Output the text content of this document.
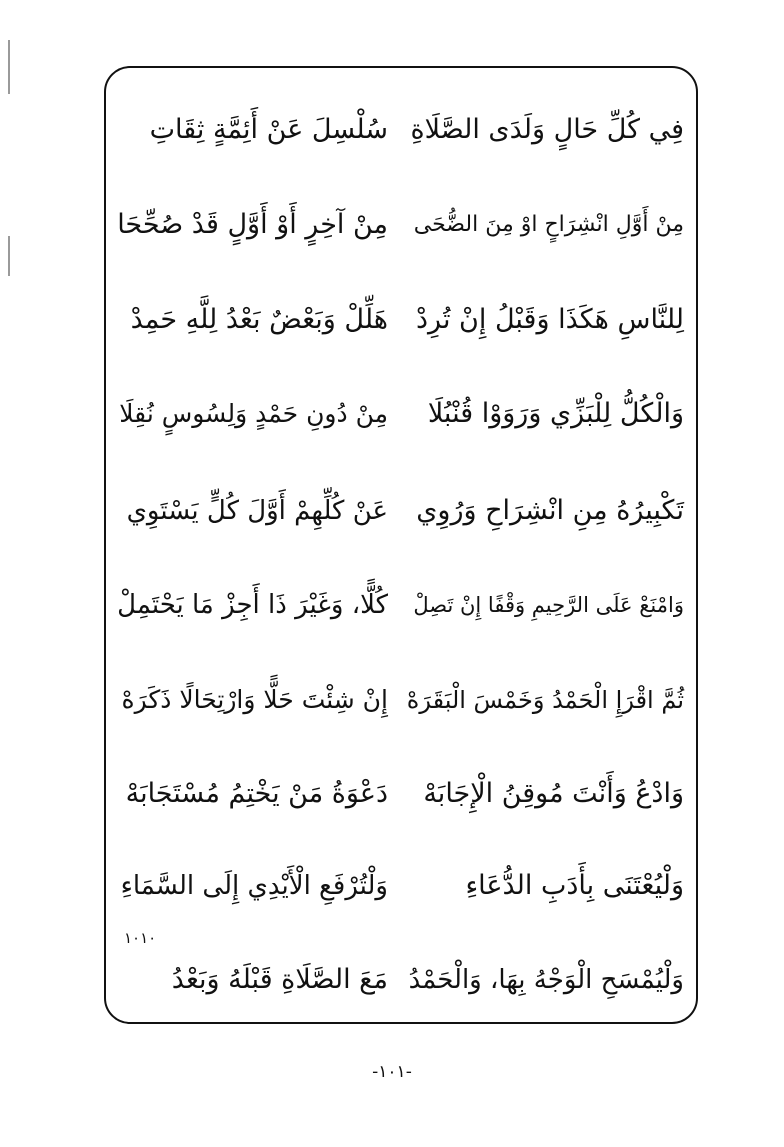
فِي كُلِّ حَالٍ وَلَدَى الصَّلَاةِ
سُلْسِلَ عَنْ أَئِمَّةٍ ثِقَاتِ
مِنْ أَوَّلِ انْشِرَاحٍ اوْ مِنَ الضُّحَى
مِنْ آخِرٍ أَوْ أَوَّلٍ قَدْ صُحِّحَا
لِلنَّاسِ هَكَذَا وَقَبْلُ إِنْ تُرِدْ
هَلِّلْ وَبَعْضٌ بَعْدُ لِلَّهِ حَمِدْ
وَالْكُلُّ لِلْبَزِّي وَرَوَوْا قُنْبُلَا
مِنْ دُونِ حَمْدٍ وَلِسُوسٍ نُقِلَا
تَكْبِيرُهُ مِنِ انْشِرَاحِ وَرُوِي
عَنْ كُلِّهِمْ أَوَّلَ كُلٍّ يَسْتَوِي
وَامْنَعْ عَلَى الرَّحِيمِ وَقْفًا إِنْ تَصِلْ
كُلًّا، وَغَيْرَ ذَا أَجِزْ مَا يَحْتَمِلْ
ثُمَّ اقْرَإِ الْحَمْدُ وَخَمْسَ الْبَقَرَهْ
إِنْ شِئْتَ حَلًّا وَارْتِحَالًا ذَكَرَهْ
وَادْعُ وَأَنْتَ مُوقِنُ الْإِجَابَهْ
دَعْوَةُ مَنْ يَخْتِمُ مُسْتَجَابَهْ
وَلْيُعْتَنَى بِأَدَبِ الدُّعَاءِ
وَلْتُرْفَعِ الْأَيْدِي إِلَى السَّمَاءِ
١٠١٠
وَلْيُمْسَحِ الْوَجْهُ بِهَا، وَالْحَمْدُ
مَعَ الصَّلَاةِ قَبْلَهُ وَبَعْدُ
-١٠١-
